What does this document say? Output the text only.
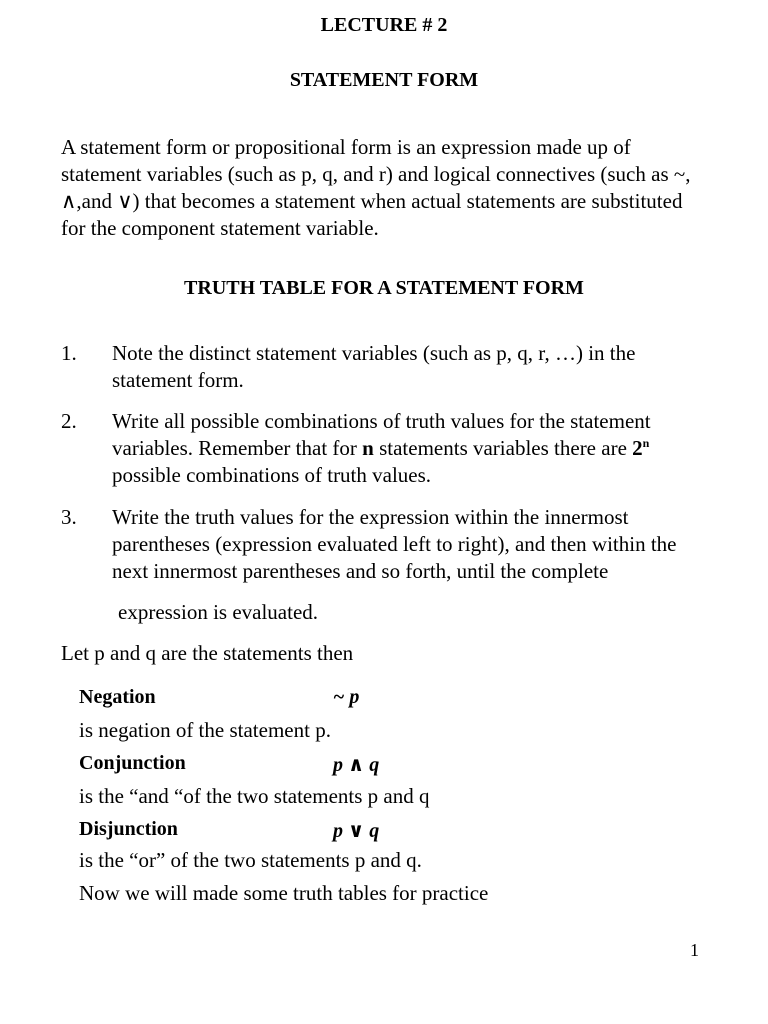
LECTURE # 2
STATEMENT FORM
A statement form or propositional form is an expression made up of
statement variables (such as p, q, and r) and logical connectives (such as ~,
∧,and ∨) that becomes a statement when actual statements are substituted
for the component statement variable.
TRUTH TABLE FOR A STATEMENT FORM
1. Note the distinct statement variables (such as p, q, r, …) in the
statement form.
2. Write all possible combinations of truth values for the statement
variables. Remember that for n statements variables there are 2$^n$
possible combinations of truth values.
3. Write the truth values for the expression within the innermost
parentheses (expression evaluated left to right), and then within the
next innermost parentheses and so forth, until the complete
expression is evaluated.
Let p and q are the statements then
Negation	~ p
is negation of the statement p.
Conjunction	p ∧ q
is the “and “of the two statements p and q
Disjunction	p ∨ q
is the “or” of the two statements p and q.
Now we will made some truth tables for practice
1
